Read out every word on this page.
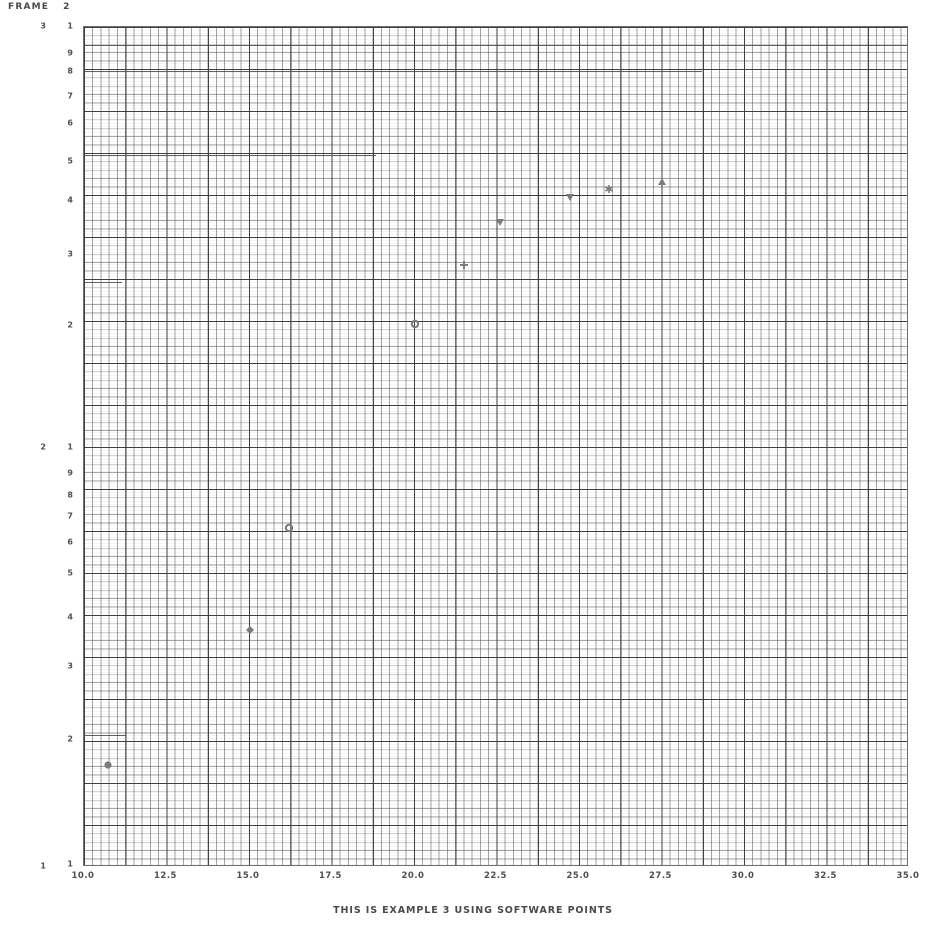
FRAME 2
3
2
1
1
9
8
7
6
5
4
3
2
1
9
8
7
6
5
4
3
2
1
10.0	12.5	15.0	17.5	20.0	22.5	25.0	27.5	30.0	32.5	35.0
THIS IS EXAMPLE 3 USING SOFTWARE POINTS
